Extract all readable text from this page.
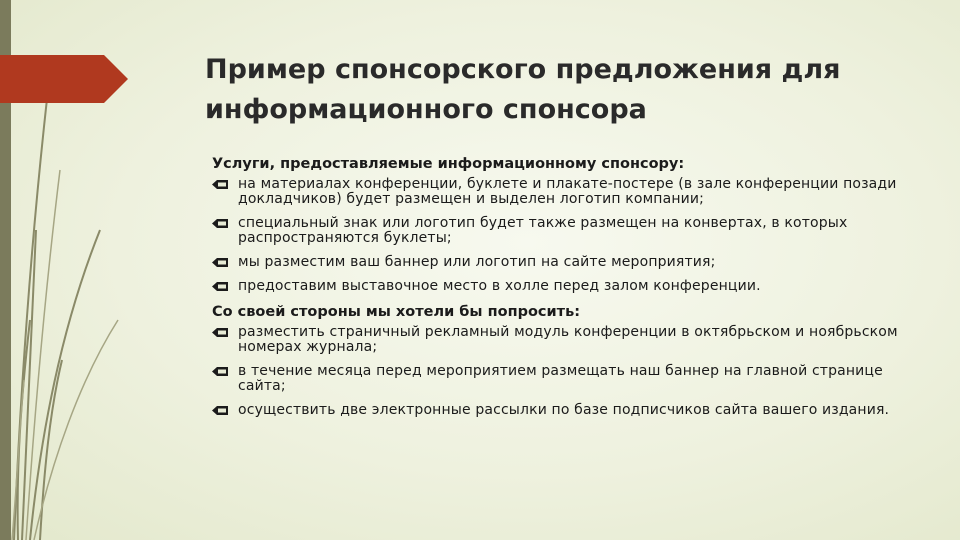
Пример спонсорского предложения для
информационного спонсора

Услуги, предоставляемые информационному спонсору:

на материалах конференции, буклете и плакате-постере (в зале конференции позади докладчиков) будет размещен и выделен логотип компании;
специальный знак или логотип будет также размещен на конвертах, в которых распространяются буклеты;
мы разместим ваш баннер или логотип на сайте мероприятия;
предоставим выставочное место в холле перед залом конференции.

Со своей стороны мы хотели бы попросить:

разместить страничный рекламный модуль конференции в октябрьском и ноябрьском номерах журнала;
в течение месяца перед мероприятием размещать наш баннер на главной странице сайта;
осуществить две электронные рассылки по базе подписчиков сайта вашего издания.
